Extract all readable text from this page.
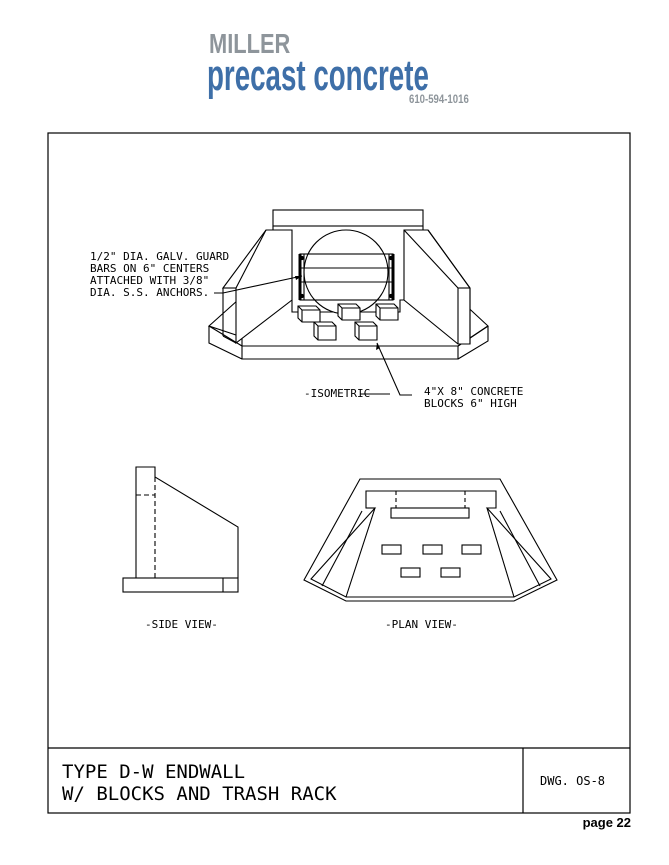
MILLER
precast concrete
610-594-1016
1/2" DIA. GALV. GUARD
BARS ON 6" CENTERS
ATTACHED WITH 3/8"
DIA. S.S. ANCHORS.
-ISOMETRIC-	4"X 8" CONCRETE
BLOCKS 6" HIGH
-SIDE VIEW-	-PLAN VIEW-
TYPE D-W ENDWALL
W/ BLOCKS AND TRASH RACK
DWG. OS-8
page 22
